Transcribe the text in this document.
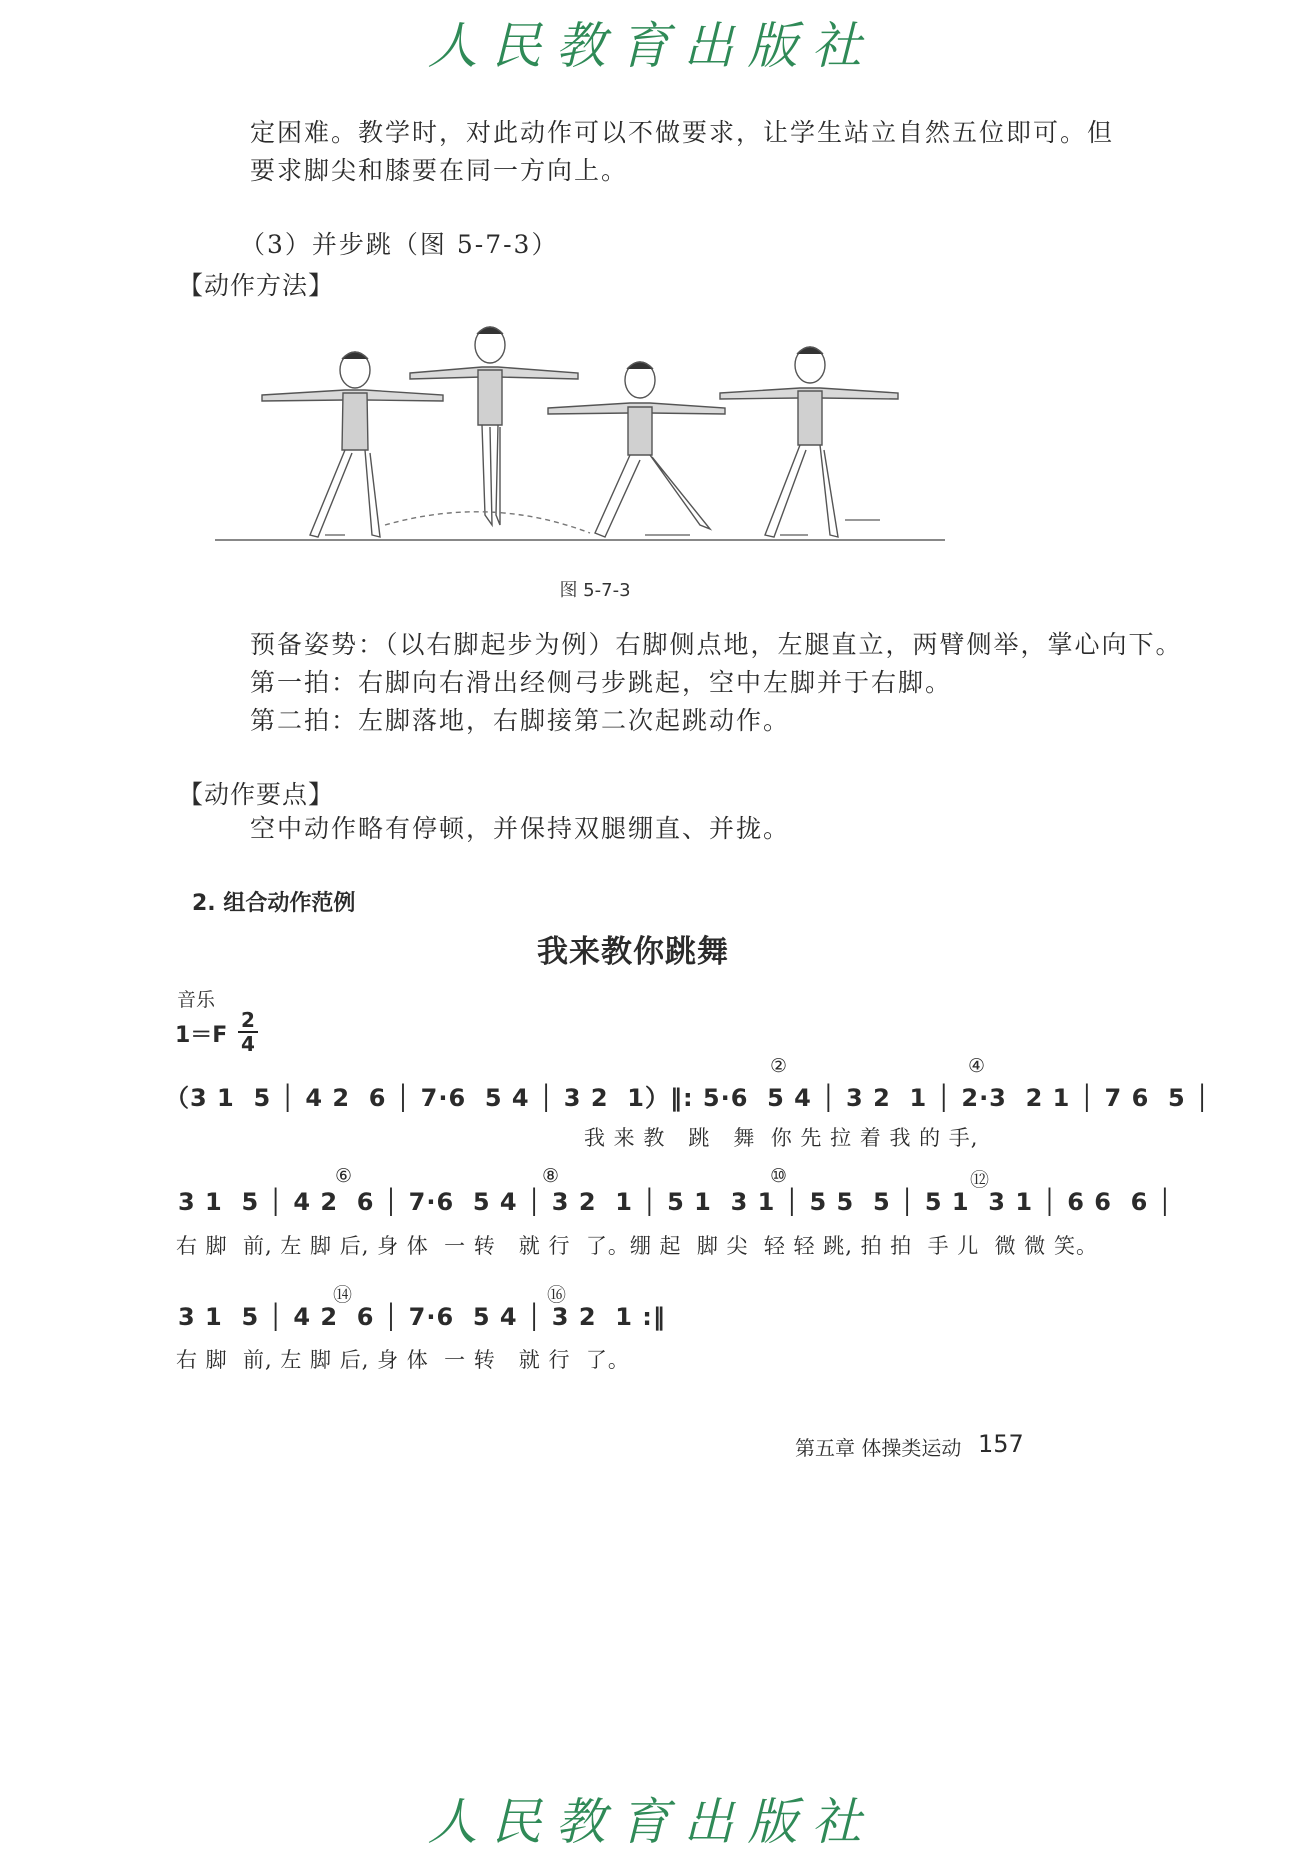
人民教育出版社
定困难。教学时，对此动作可以不做要求，让学生站立自然五位即可。但
要求脚尖和膝要在同一方向上。
（3）并步跳（图 5-7-3）
【动作方法】
图 5-7-3
预备姿势：（以右脚起步为例）右脚侧点地，左腿直立，两臂侧举，掌心向下。
第一拍：右脚向右滑出经侧弓步跳起，空中左脚并于右脚。
第二拍：左脚落地，右脚接第二次起跳动作。
【动作要点】
空中动作略有停顿，并保持双腿绷直、并拢。
2. 组合动作范例
我来教你跳舞
音乐
1＝F
2
4
②	④
⑥	⑧	⑩	⑫
⑭	⑯
（3 1  5 │ 4 2  6 │ 7·6  5 4 │ 3 2  1）‖: 5·6  5 4 │ 3 2  1 │ 2·3  2 1 │ 7 6  5 │
我 来 教   跳   舞  你 先 拉 着 我 的 手,
3 1  5 │ 4 2  6 │ 7·6  5 4 │ 3 2  1 │ 5 1  3 1 │ 5 5  5 │ 5 1  3 1 │ 6 6  6 │
右 脚  前, 左 脚 后, 身 体  一 转   就 行  了。绷 起  脚 尖  轻 轻 跳, 拍 拍  手 儿  微 微 笑。
3 1  5 │ 4 2  6 │ 7·6  5 4 │ 3 2  1 :‖
右 脚  前, 左 脚 后, 身 体  一 转   就 行  了。
第五章 体操类运动 157
人民教育出版社
